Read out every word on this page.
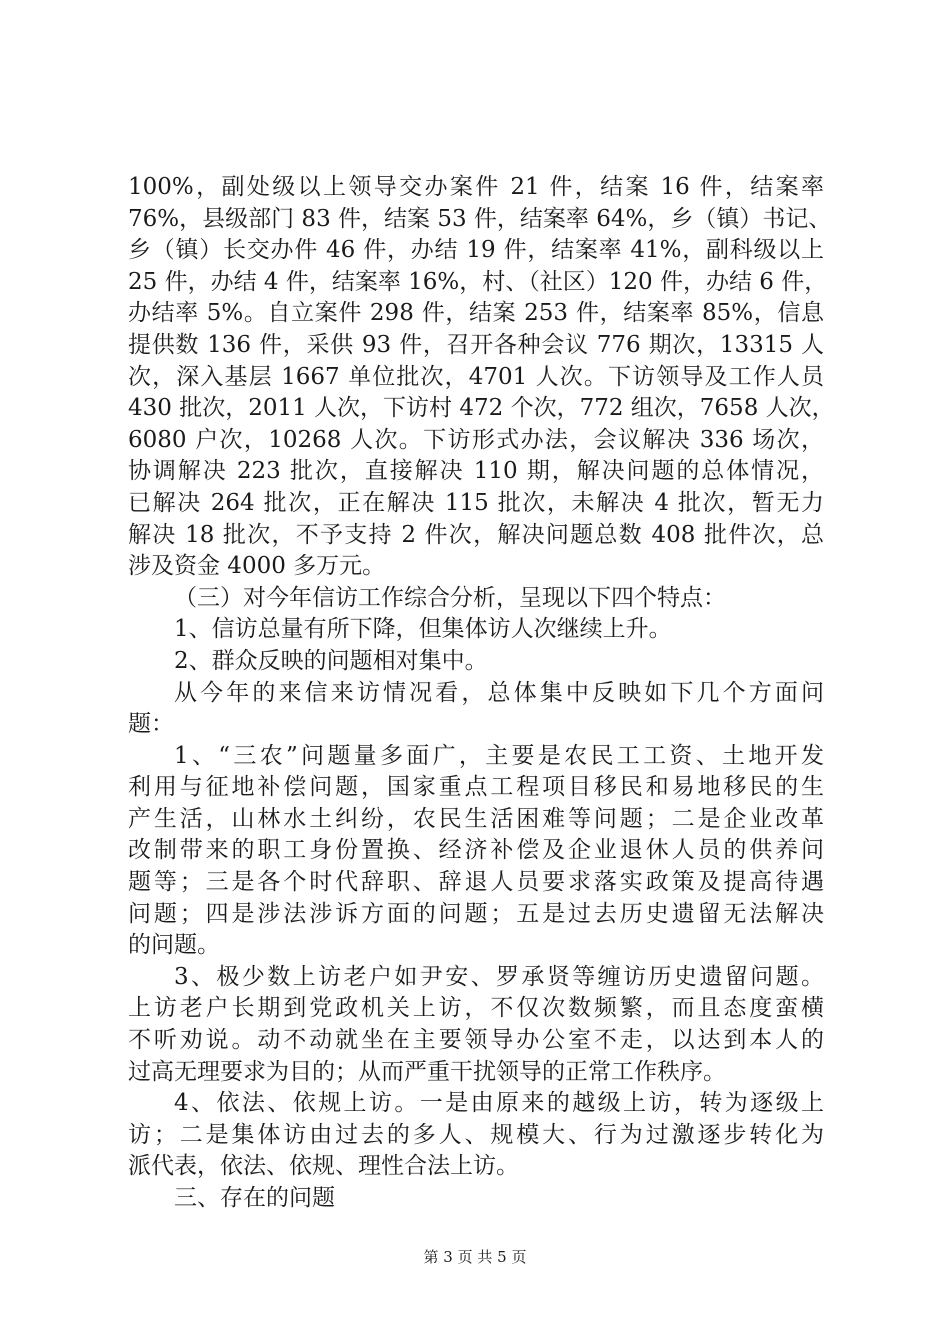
100%，副处级以上领导交办案件 21 件，结案 16 件，结案率
76%，县级部门 83 件，结案 53 件，结案率 64%，乡（镇）书记、
乡（镇）长交办件 46 件，办结 19 件，结案率 41%，副科级以上
25 件，办结 4 件，结案率 16%，村、（社区）120 件，办结 6 件，
办结率 5%。自立案件 298 件，结案 253 件，结案率 85%，信息
提供数 136 件，采供 93 件，召开各种会议 776 期次，13315 人
次，深入基层 1667 单位批次，4701 人次。下访领导及工作人员
430 批次，2011 人次，下访村 472 个次，772 组次，7658 人次，
6080 户次，10268 人次。下访形式办法，会议解决 336 场次，
协调解决 223 批次，直接解决 110 期，解决问题的总体情况，
已解决 264 批次，正在解决 115 批次，未解决 4 批次，暂无力
解决 18 批次，不予支持 2 件次，解决问题总数 408 批件次，总
涉及资金 4000 多万元。
（三）对今年信访工作综合分析，呈现以下四个特点：
1、信访总量有所下降，但集体访人次继续上升。
2、群众反映的问题相对集中。
从今年的来信来访情况看，总体集中反映如下几个方面问
题：
1、“三农”问题量多面广，主要是农民工工资、土地开发
利用与征地补偿问题，国家重点工程项目移民和易地移民的生
产生活，山林水土纠纷，农民生活困难等问题；二是企业改革
改制带来的职工身份置换、经济补偿及企业退休人员的供养问
题等；三是各个时代辞职、辞退人员要求落实政策及提高待遇
问题；四是涉法涉诉方面的问题；五是过去历史遗留无法解决
的问题。
3、极少数上访老户如尹安、罗承贤等缠访历史遗留问题。
上访老户长期到党政机关上访，不仅次数频繁，而且态度蛮横
不听劝说。动不动就坐在主要领导办公室不走，以达到本人的
过高无理要求为目的；从而严重干扰领导的正常工作秩序。
4、依法、依规上访。一是由原来的越级上访，转为逐级上
访；二是集体访由过去的多人、规模大、行为过激逐步转化为
派代表，依法、依规、理性合法上访。
三、存在的问题
第 3 页 共 5 页
